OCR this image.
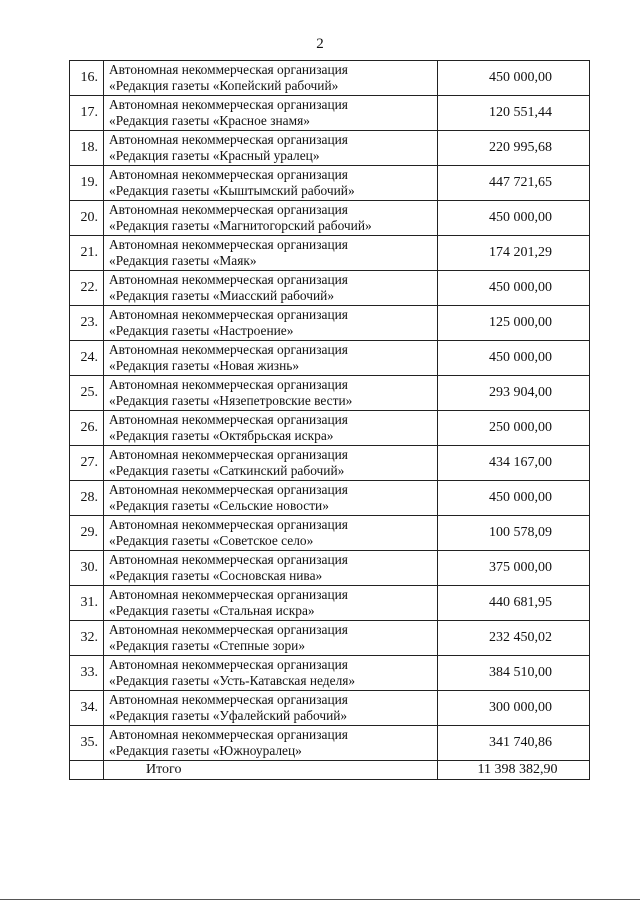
2
16.	Автономная некоммерческая организация
«Редакция газеты «Копейский рабочий»	450 000,00
17.	Автономная некоммерческая организация
«Редакция газеты «Красное знамя»	120 551,44
18.	Автономная некоммерческая организация
«Редакция газеты «Красный уралец»	220 995,68
19.	Автономная некоммерческая организация
«Редакция газеты «Кыштымский рабочий»	447 721,65
20.	Автономная некоммерческая организация
«Редакция газеты «Магнитогорский рабочий»	450 000,00
21.	Автономная некоммерческая организация
«Редакция газеты «Маяк»	174 201,29
22.	Автономная некоммерческая организация
«Редакция газеты «Миасский рабочий»	450 000,00
23.	Автономная некоммерческая организация
«Редакция газеты «Настроение»	125 000,00
24.	Автономная некоммерческая организация
«Редакция газеты «Новая жизнь»	450 000,00
25.	Автономная некоммерческая организация
«Редакция газеты «Нязепетровские вести»	293 904,00
26.	Автономная некоммерческая организация
«Редакция газеты «Октябрьская искра»	250 000,00
27.	Автономная некоммерческая организация
«Редакция газеты «Саткинский рабочий»	434 167,00
28.	Автономная некоммерческая организация
«Редакция газеты «Сельские новости»	450 000,00
29.	Автономная некоммерческая организация
«Редакция газеты «Советское село»	100 578,09
30.	Автономная некоммерческая организация
«Редакция газеты «Сосновская нива»	375 000,00
31.	Автономная некоммерческая организация
«Редакция газеты «Стальная искра»	440 681,95
32.	Автономная некоммерческая организация
«Редакция газеты «Степные зори»	232 450,02
33.	Автономная некоммерческая организация
«Редакция газеты «Усть-Катавская неделя»	384 510,00
34.	Автономная некоммерческая организация
«Редакция газеты «Уфалейский рабочий»	300 000,00
35.	Автономная некоммерческая организация
«Редакция газеты «Южноуралец»	341 740,86
	Итого	11 398 382,90
